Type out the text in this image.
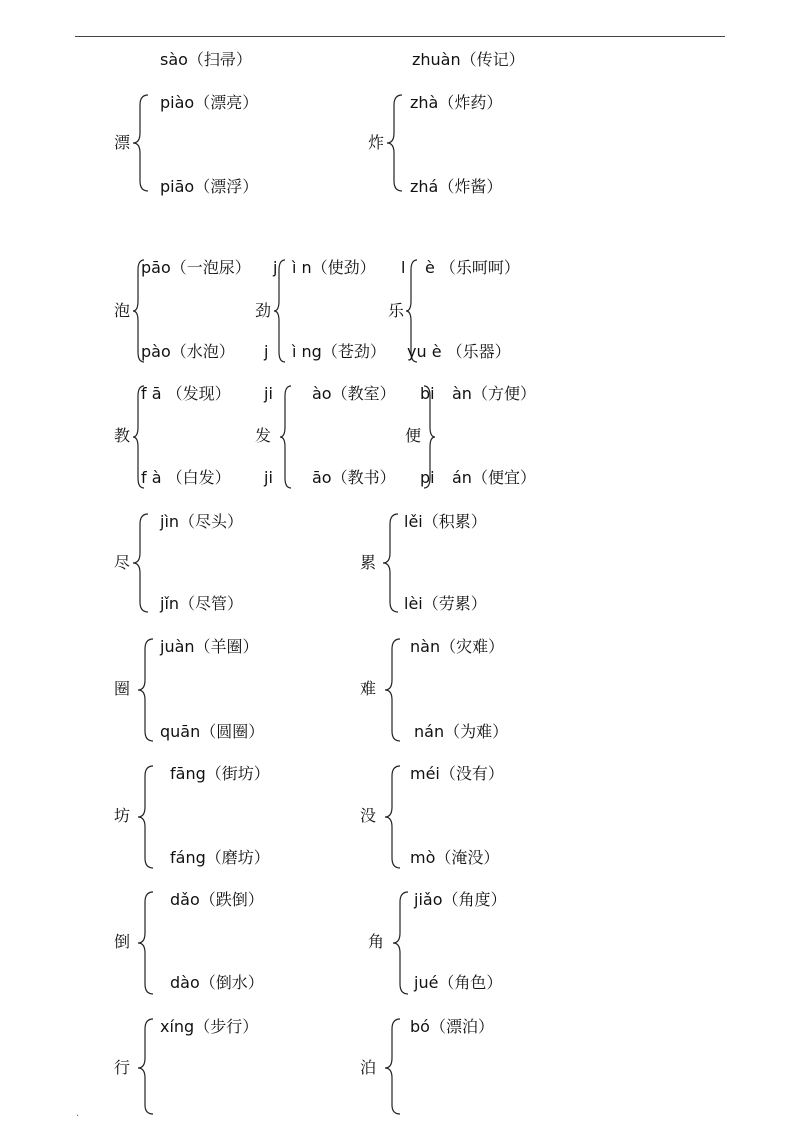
sào（扫帚）	zhuàn（传记）
漂
piào（漂亮）
piāo（漂浮）
炸
zhà（炸药）
zhá（炸酱）
泡
pāo（一泡尿）
pào（水泡）
劲
j ì n（使劲）
j ì ng（苍劲）
乐
l è （乐呵呵）
yu è （乐器）
教
f ā （发现）
f à （白发）
发
ji ào（教室）
ji āo（教书）
便
bi àn（方便）
pi án（便宜）
尽
jìn（尽头）
jǐn（尽管）
累
lěi（积累）
lèi（劳累）
圈
juàn（羊圈）
quān（圆圈）
难
nàn（灾难）
nán（为难）
坊
fāng（街坊）
fáng（磨坊）
没
méi（没有）
mò（淹没）
倒
dǎo（跌倒）
dào（倒水）
角
jiǎo（角度）
jué（角色）
行
xíng（步行）
泊
bó（漂泊）
.
